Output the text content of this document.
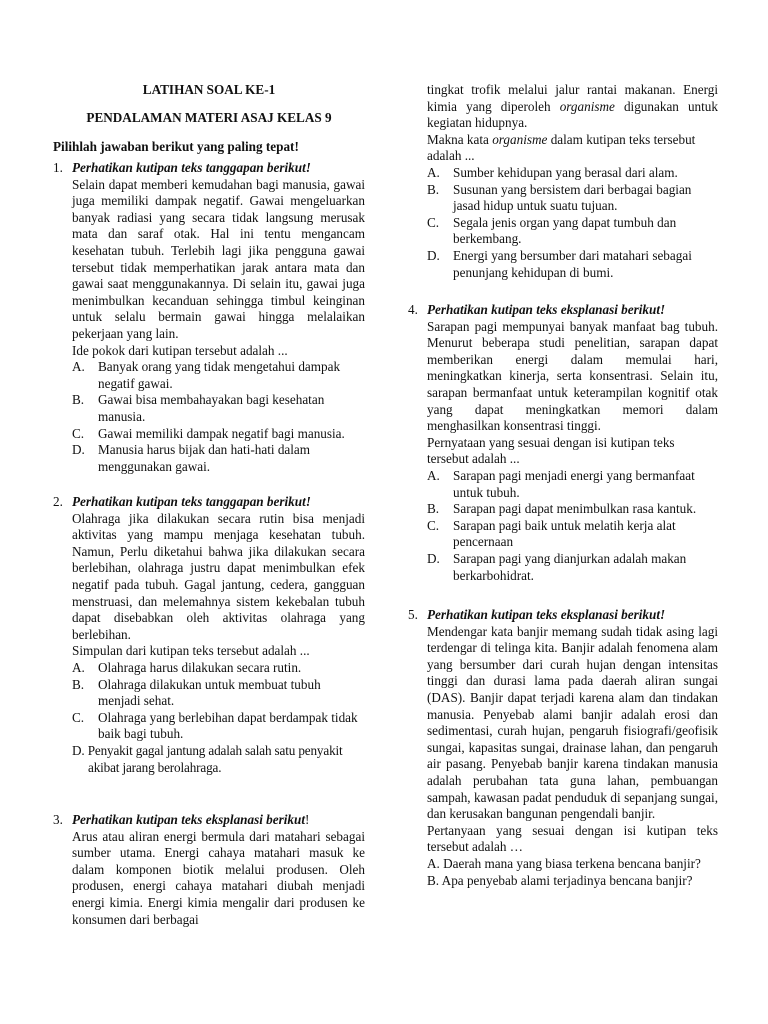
LATIHAN SOAL KE-1
PENDALAMAN MATERI ASAJ KELAS 9
Pilihlah jawaban berikut yang paling tepat!
1. Perhatikan kutipan teks tanggapan berikut!
Selain dapat memberi kemudahan bagi manusia, gawai juga memiliki dampak negatif. Gawai mengeluarkan banyak radiasi yang secara tidak langsung merusak mata dan saraf otak. Hal ini tentu mengancam kesehatan tubuh. Terlebih lagi jika pengguna gawai tersebut tidak memperhatikan jarak antara mata dan gawai saat menggunakannya. Di selain itu, gawai juga menimbulkan kecanduan sehingga timbul keinginan untuk selalu bermain gawai hingga melalaikan pekerjaan yang lain.
Ide pokok dari kutipan tersebut adalah ...
A. Banyak orang yang tidak mengetahui dampak negatif gawai.
B.	Gawai bisa membahayakan bagi kesehatan manusia.
C.	Gawai memiliki dampak negatif bagi manusia.
D. Manusia harus bijak dan hati-hati dalam menggunakan gawai.
2. Perhatikan kutipan teks tanggapan berikut!
Olahraga jika dilakukan secara rutin bisa menjadi aktivitas yang mampu menjaga kesehatan tubuh. Namun, Perlu diketahui bahwa jika dilakukan secara berlebihan, olahraga justru dapat menimbulkan efek negatif pada tubuh. Gagal jantung, cedera, gangguan menstruasi, dan melemahnya sistem kekebalan tubuh dapat disebabkan oleh aktivitas olahraga yang berlebihan.
Simpulan dari kutipan teks tersebut adalah ...
A. Olahraga harus dilakukan secara rutin.
B.	Olahraga dilakukan untuk membuat tubuh menjadi sehat.
C.	Olahraga yang berlebihan dapat berdampak tidak baik bagi tubuh.
D. Penyakit gagal jantung adalah salah satu penyakit akibat jarang berolahraga.
3. Perhatikan kutipan teks eksplanasi berikut!
Arus atau aliran energi bermula dari matahari sebagai sumber utama. Energi cahaya matahari masuk ke dalam komponen biotik melalui produsen. Oleh produsen, energi cahaya matahari diubah menjadi energi kimia. Energi kimia mengalir dari produsen ke konsumen dari berbagai
tingkat trofik melalui jalur rantai makanan. Energi kimia yang diperoleh organisme digunakan untuk kegiatan hidupnya.
Makna kata organisme dalam kutipan teks tersebut adalah ...
A. Sumber kehidupan yang berasal dari alam.
B.	Susunan yang bersistem dari berbagai bagian jasad hidup untuk suatu tujuan.
C.	Segala jenis organ yang dapat tumbuh dan berkembang.
D. Energi yang bersumber dari matahari sebagai penunjang kehidupan di bumi.
4. Perhatikan kutipan teks eksplanasi berikut!
Sarapan pagi mempunyai banyak manfaat bag tubuh. Menurut beberapa studi penelitian, sarapan dapat memberikan energi dalam memulai hari, meningkatkan kinerja, serta konsentrasi. Selain itu, sarapan bermanfaat untuk keterampilan kognitif otak yang dapat meningkatkan memori dalam menghasilkan konsentrasi tinggi.
Pernyataan yang sesuai dengan isi kutipan teks tersebut adalah ...
A. Sarapan pagi menjadi energi yang bermanfaat untuk tubuh.
B.	Sarapan pagi dapat menimbulkan rasa kantuk.
C.	Sarapan pagi baik untuk melatih kerja alat pencernaan
D. Sarapan pagi yang dianjurkan adalah makan berkarbohidrat.
5. Perhatikan kutipan teks eksplanasi berikut!
Mendengar kata banjir memang sudah tidak asing lagi terdengar di telinga kita. Banjir adalah fenomena alam yang bersumber dari curah hujan dengan intensitas tinggi dan durasi lama pada daerah aliran sungai (DAS). Banjir dapat terjadi karena alam dan tindakan manusia. Penyebab alami banjir adalah erosi dan sedimentasi, curah hujan, pengaruh fisiografi/geofisik sungai, kapasitas sungai, drainase lahan, dan pengaruh air pasang. Penyebab banjir karena tindakan manusia adalah perubahan tata guna lahan, pembuangan sampah, kawasan padat penduduk di sepanjang sungai, dan kerusakan bangunan pengendali banjir.
Pertanyaan yang sesuai dengan isi kutipan teks tersebut adalah …
A. Daerah mana yang biasa terkena bencana banjir?
B. Apa penyebab alami terjadinya bencana banjir?
